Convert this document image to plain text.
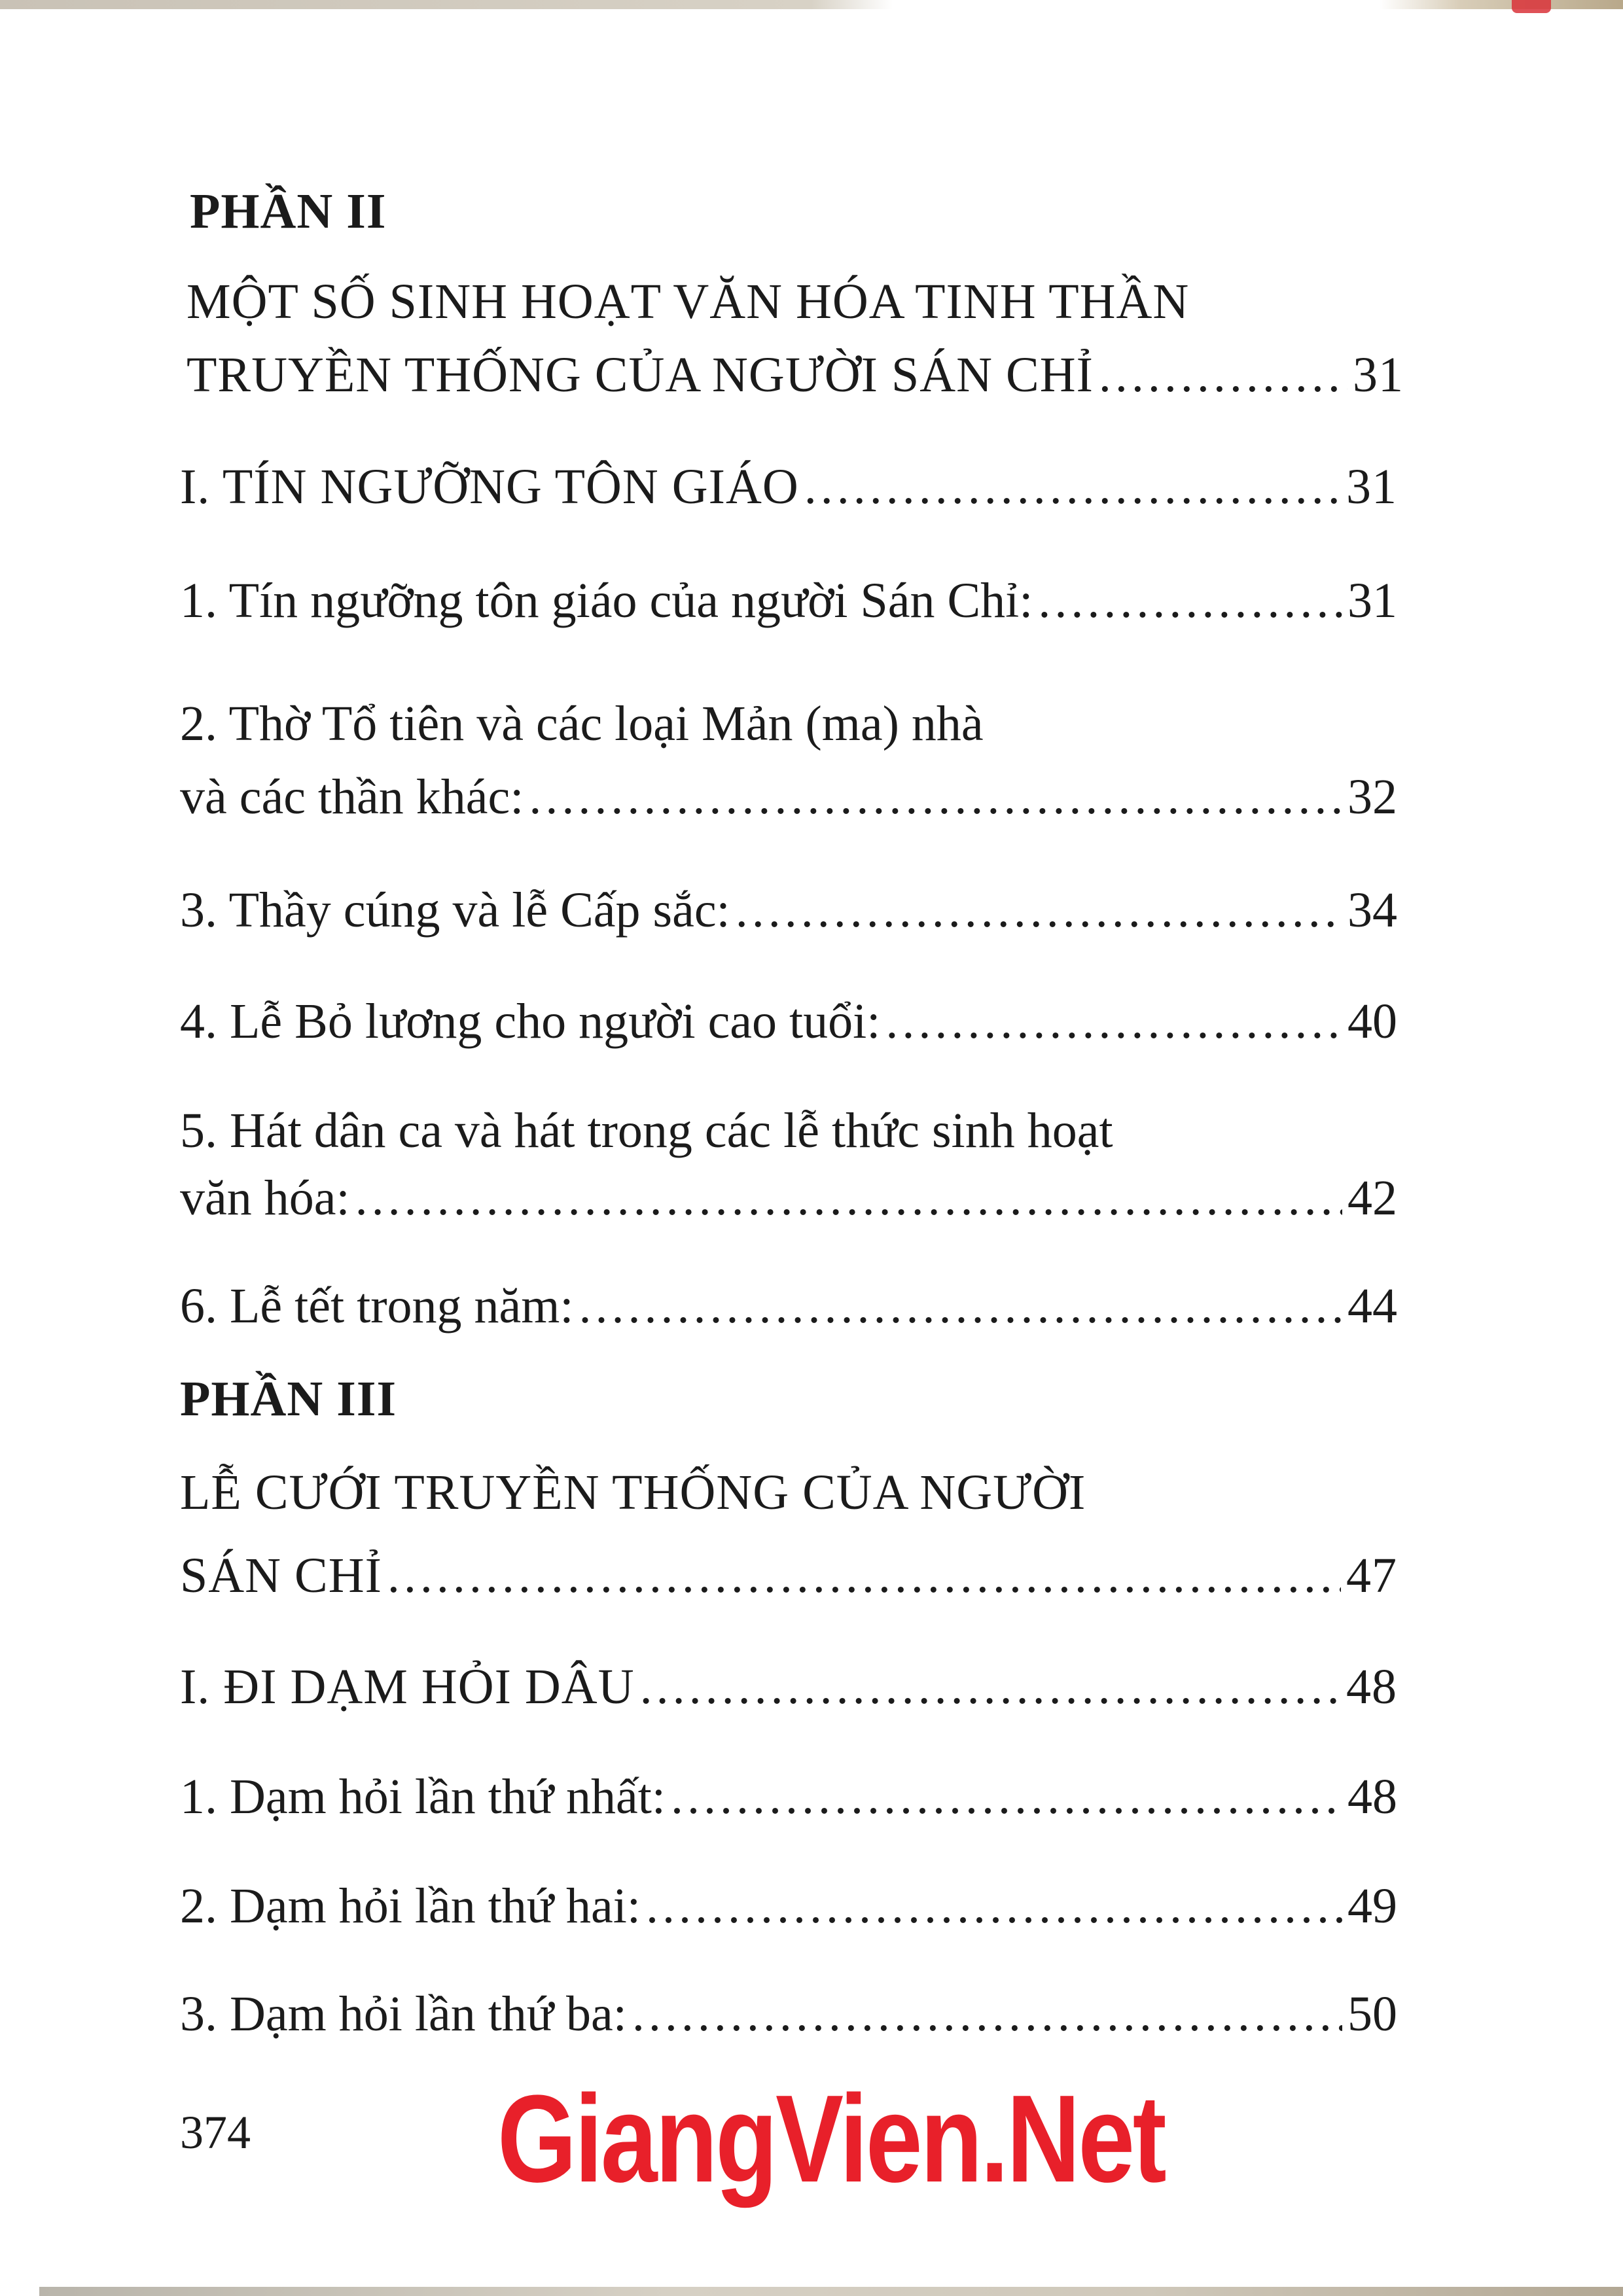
PHẦN II
MỘT SỐ SINH HOẠT VĂN HÓA TINH THẦN
TRUYỀN THỐNG CỦA NGƯỜI SÁN CHỈ .....	31
I. TÍN NGƯỠNG TÔN GIÁO .....	31
1. Tín ngưỡng tôn giáo của người Sán Chỉ: .....	31
2. Thờ Tổ tiên và các loại Mản (ma) nhà
và các thần khác: .....	32
3. Thầy cúng và lễ Cấp sắc: .....	34
4. Lễ Bỏ lương cho người cao tuổi: .....	40
5. Hát dân ca và hát trong các lễ thức sinh hoạt
văn hóa: .....	42
6. Lễ tết trong năm: .....	44
PHẦN III
LỄ CƯỚI TRUYỀN THỐNG CỦA NGƯỜI
SÁN CHỈ .....	47
I. ĐI DẠM HỎI DÂU .....	48
1. Dạm hỏi lần thứ nhất: .....	48
2. Dạm hỏi lần thứ hai: .....	49
3. Dạm hỏi lần thứ ba: .....	50
374 GiangVien.Net
